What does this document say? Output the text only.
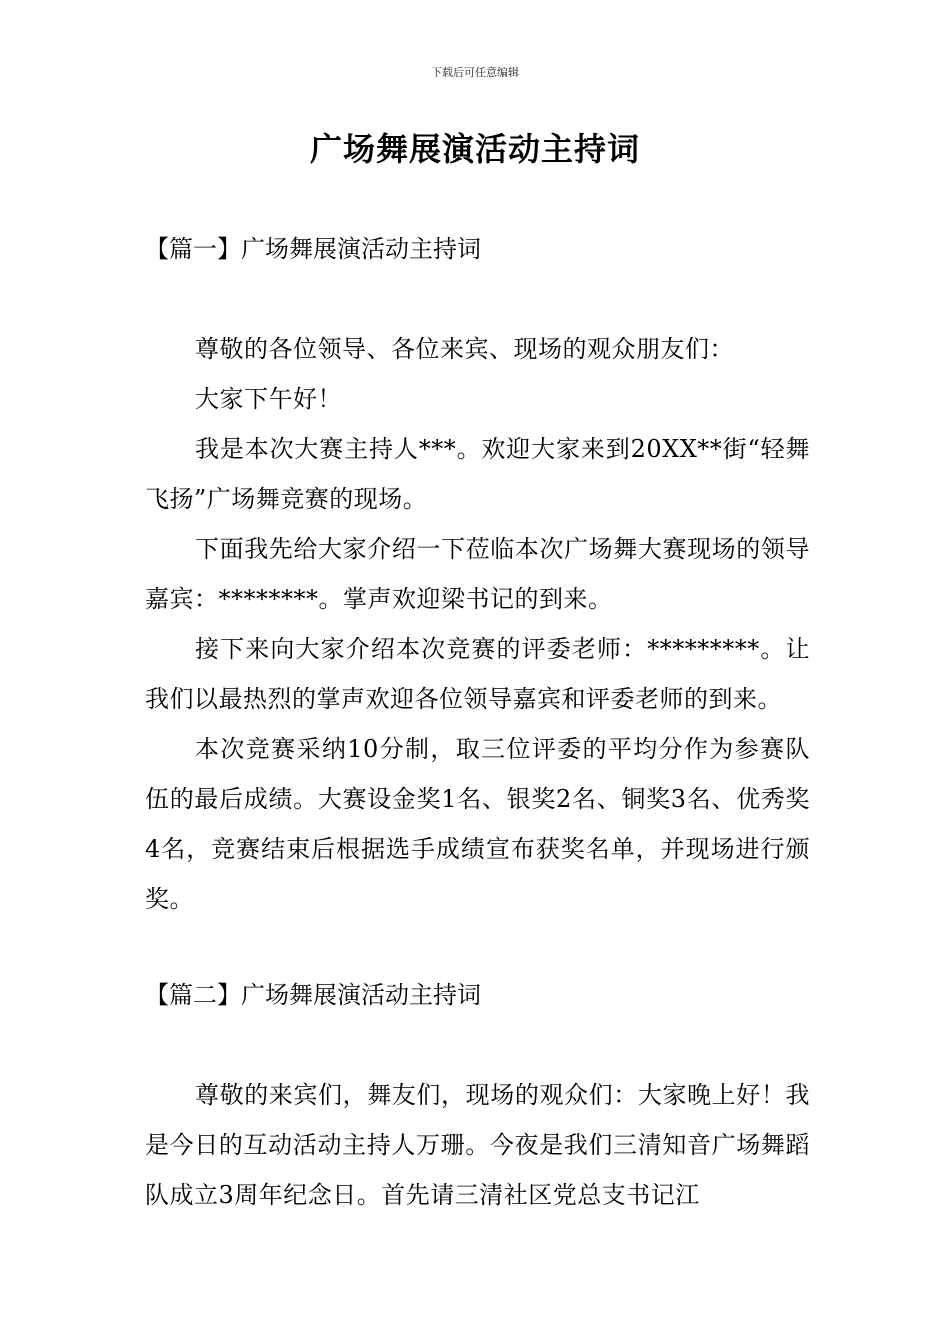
下载后可任意编辑
广场舞展演活动主持词
【篇一】广场舞展演活动主持词

尊敬的各位领导、各位来宾、现场的观众朋友们：

大家下午好！

我是本次大赛主持人***。欢迎大家来到20XX**街“轻舞飞扬”广场舞竞赛的现场。

下面我先给大家介绍一下莅临本次广场舞大赛现场的领导嘉宾：********。掌声欢迎梁书记的到来。

接下来向大家介绍本次竞赛的评委老师：*********。让我们以最热烈的掌声欢迎各位领导嘉宾和评委老师的到来。

本次竞赛采纳10分制，取三位评委的平均分作为参赛队伍的最后成绩。大赛设金奖1名、银奖2名、铜奖3名、优秀奖4名，竞赛结束后根据选手成绩宣布获奖名单，并现场进行颁奖。

【篇二】广场舞展演活动主持词

尊敬的来宾们，舞友们，现场的观众们：大家晚上好！我是今日的互动活动主持人万珊。今夜是我们三清知音广场舞蹈队成立3周年纪念日。首先请三清社区党总支书记江
